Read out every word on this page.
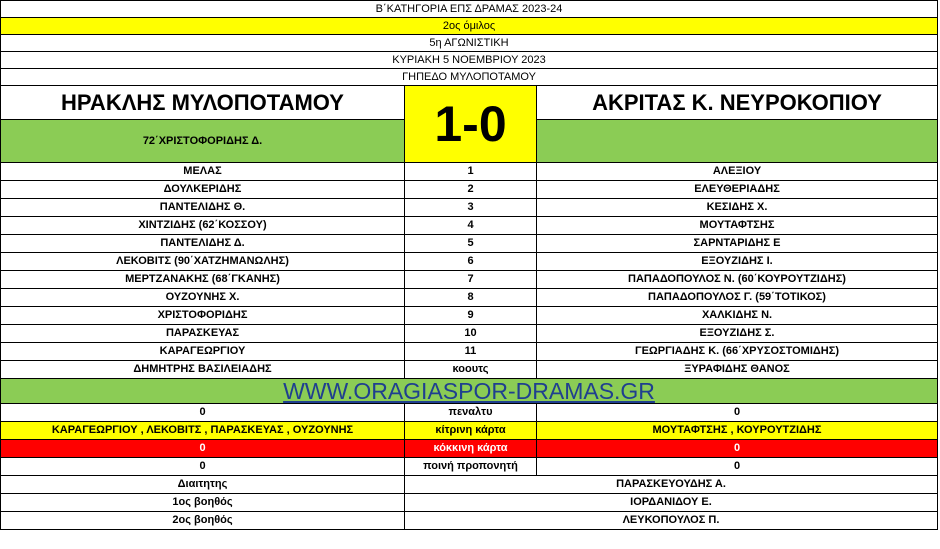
Β΄ΚΑΤΗΓΟΡΙΑ ΕΠΣ ΔΡΑΜΑΣ 2023-24		
2ος όμιλος		
5η ΑΓΩΝΙΣΤΙΚΗ		
ΚΥΡΙΑΚΗ 5 ΝΟΕΜΒΡΙΟΥ 2023		
ΓΗΠΕΔΟ ΜΥΛΟΠΟΤΑΜΟΥ		
ΗΡΑΚΛΗΣ ΜΥΛΟΠΟΤΑΜΟΥ	1-0	ΑΚΡΙΤΑΣ Κ. ΝΕΥΡΟΚΟΠΙΟΥ

72΄ΧΡΙΣΤΟΦΟΡΙΔΗΣ Δ.		

ΜΕΛΑΣ	1	ΑΛΕΞΙΟΥ
ΔΟΥΛΚΕΡΙΔΗΣ	2	ΕΛΕΥΘΕΡΙΑΔΗΣ
ΠΑΝΤΕΛΙΔΗΣ Θ.	3	ΚΕΣΙΔΗΣ Χ.
ΧΙΝΤΖΙΔΗΣ (62΄ΚΟΣΣΟΥ)	4	ΜΟΥΤΑΦΤΣΗΣ
ΠΑΝΤΕΛΙΔΗΣ Δ.	5	ΣΑΡΝΤΑΡΙΔΗΣ Ε
ΛΕΚΟΒΙΤΣ (90΄ΧΑΤΖΗΜΑΝΩΛΗΣ)	6	ΕΞΟΥΖΙΔΗΣ Ι.
ΜΕΡΤΖΑΝΑΚΗΣ (68΄ΓΚΑΝΗΣ)	7	ΠΑΠΑΔΟΠΟΥΛΟΣ Ν. (60΄ΚΟΥΡΟΥΤΖΙΔΗΣ)
ΟΥΖΟΥΝΗΣ Χ.	8	ΠΑΠΑΔΟΠΟΥΛΟΣ Γ. (59΄ΤΟΤΙΚΟΣ)
ΧΡΙΣΤΟΦΟΡΙΔΗΣ	9	ΧΑΛΚΙΔΗΣ Ν.
ΠΑΡΑΣΚΕΥΑΣ	10	ΕΞΟΥΖΙΔΗΣ Σ.
ΚΑΡΑΓΕΩΡΓΙΟΥ	11	ΓΕΩΡΓΙΑΔΗΣ Κ. (66΄ΧΡΥΣΟΣΤΟΜΙΔΗΣ)
ΔΗΜΗΤΡΗΣ ΒΑΣΙΛΕΙΑΔΗΣ	κοουτς	ΞΥΡΑΦΙΔΗΣ ΘΑΝΟΣ
WWW.ORAGIASPOR-DRAMAS.GR		
0	πεναλτυ	0
ΚΑΡΑΓΕΩΡΓΙΟΥ , ΛΕΚΟΒΙΤΣ , ΠΑΡΑΣΚΕΥΑΣ , ΟΥΖΟΥΝΗΣ	κίτρινη κάρτα	ΜΟΥΤΑΦΤΣΗΣ , ΚΟΥΡΟΥΤΖΙΔΗΣ
0	κόκκινη κάρτα	0
0	ποινή προπονητή	0
Διαιτητης	ΠΑΡΑΣΚΕΥΟΥΔΗΣ Α.	
1ος βοηθός	ΙΟΡΔΑΝΙΔΟΥ Ε.	
2ος βοηθός	ΛΕΥΚΟΠΟΥΛΟΣ Π.	
